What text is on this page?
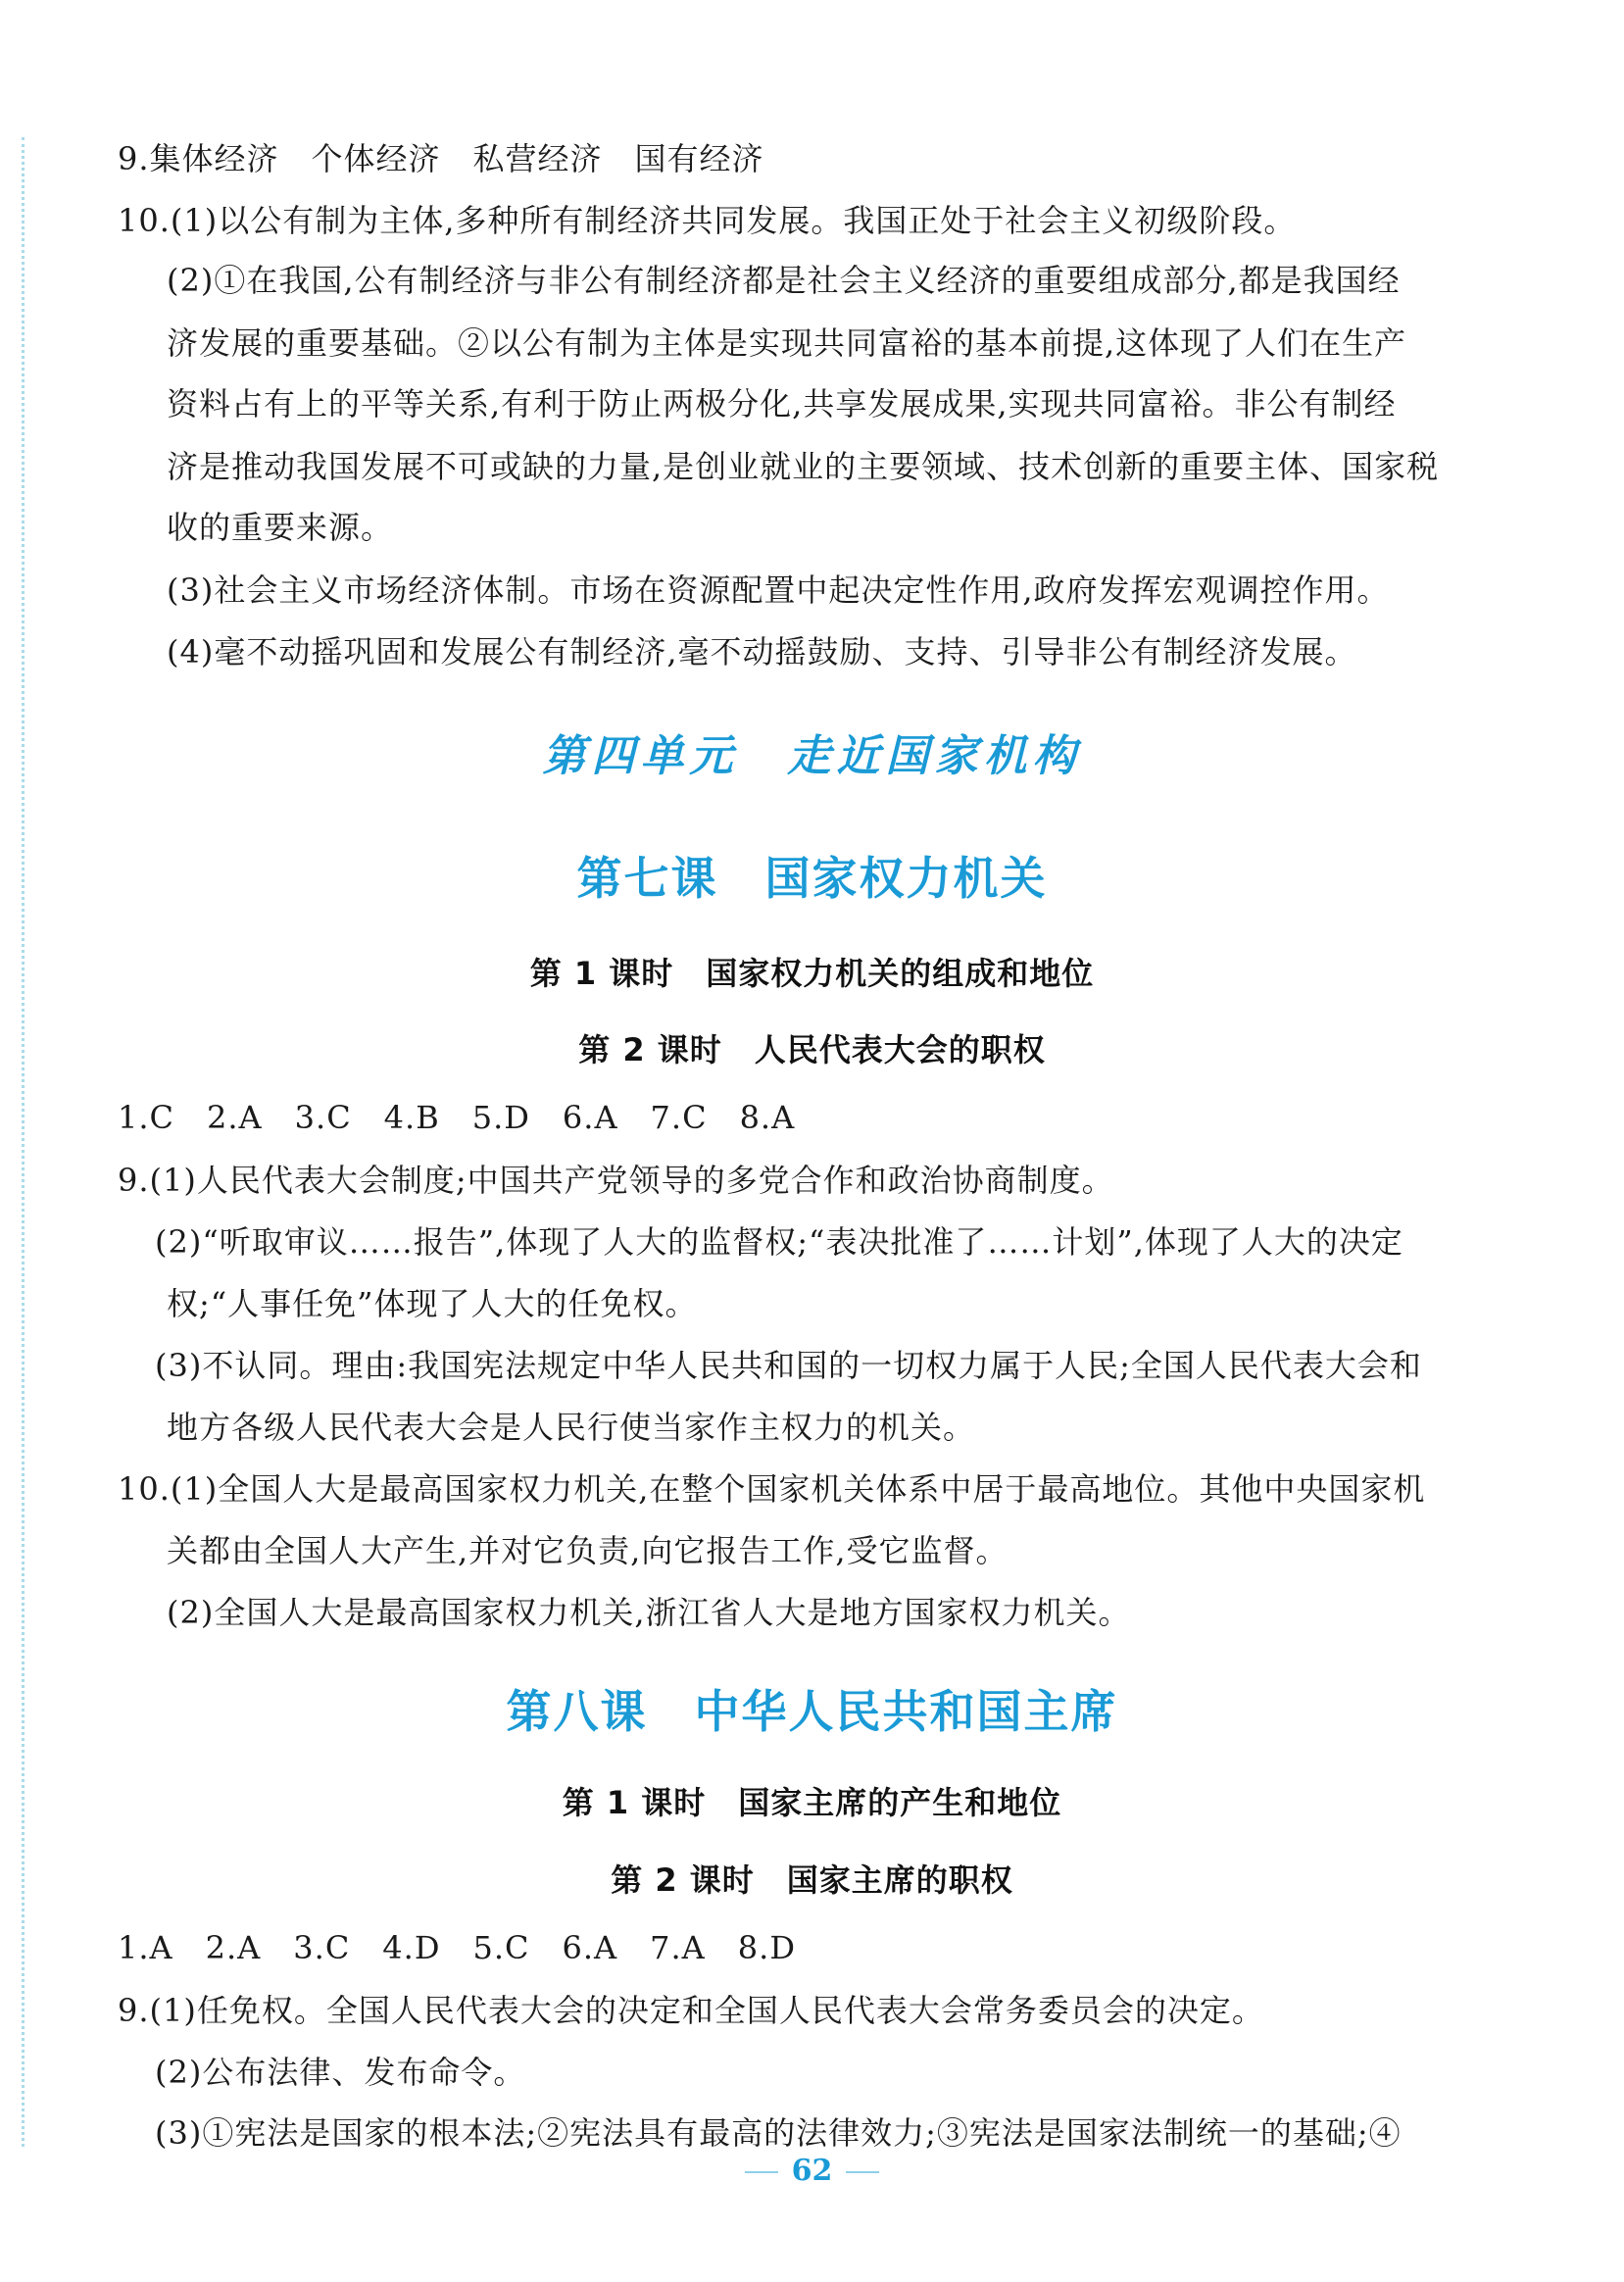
9.集体经济　个体经济　私营经济　国有经济
10.(1)以公有制为主体,多种所有制经济共同发展。我国正处于社会主义初级阶段。
(2)①在我国,公有制经济与非公有制经济都是社会主义经济的重要组成部分,都是我国经
济发展的重要基础。②以公有制为主体是实现共同富裕的基本前提,这体现了人们在生产
资料占有上的平等关系,有利于防止两极分化,共享发展成果,实现共同富裕。非公有制经
济是推动我国发展不可或缺的力量,是创业就业的主要领域、技术创新的重要主体、国家税
收的重要来源。
(3)社会主义市场经济体制。市场在资源配置中起决定性作用,政府发挥宏观调控作用。
(4)毫不动摇巩固和发展公有制经济,毫不动摇鼓励、支持、引导非公有制经济发展。
第四单元　走近国家机构
第七课　国家权力机关
第 1 课时　国家权力机关的组成和地位
第 2 课时　人民代表大会的职权
1.C　2.A　3.C　4.B　5.D　6.A　7.C　8.A
9.(1)人民代表大会制度;中国共产党领导的多党合作和政治协商制度。
(2)“听取审议……报告”,体现了人大的监督权;“表决批准了……计划”,体现了人大的决定
权;“人事任免”体现了人大的任免权。
(3)不认同。理由:我国宪法规定中华人民共和国的一切权力属于人民;全国人民代表大会和
地方各级人民代表大会是人民行使当家作主权力的机关。
10.(1)全国人大是最高国家权力机关,在整个国家机关体系中居于最高地位。其他中央国家机
关都由全国人大产生,并对它负责,向它报告工作,受它监督。
(2)全国人大是最高国家权力机关,浙江省人大是地方国家权力机关。
第八课　中华人民共和国主席
第 1 课时　国家主席的产生和地位
第 2 课时　国家主席的职权
1.A　2.A　3.C　4.D　5.C　6.A　7.A　8.D
9.(1)任免权。全国人民代表大会的决定和全国人民代表大会常务委员会的决定。
(2)公布法律、发布命令。
(3)①宪法是国家的根本法;②宪法具有最高的法律效力;③宪法是国家法制统一的基础;④
62
